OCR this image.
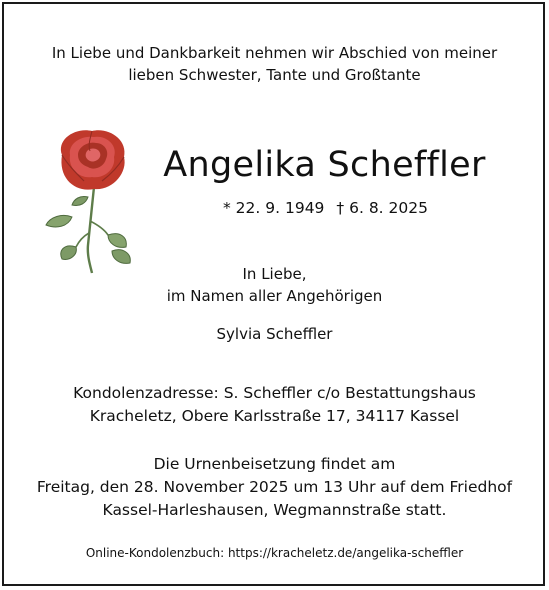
In Liebe und Dankbarkeit nehmen wir Abschied von meiner
lieben Schwester, Tante und Großtante
Angelika Scheffler
* 22. 9. 1949 † 6. 8. 2025
In Liebe,
im Namen aller Angehörigen
Sylvia Scheffler
Kondolenzadresse: S. Scheffler c/o Bestattungshaus
Kracheletz, Obere Karlsstraße 17, 34117 Kassel
Die Urnenbeisetzung findet am
Freitag, den 28. November 2025 um 13 Uhr auf dem Friedhof
Kassel-Harleshausen, Wegmannstraße statt.
Online-Kondolenzbuch: https://kracheletz.de/angelika-scheffler
